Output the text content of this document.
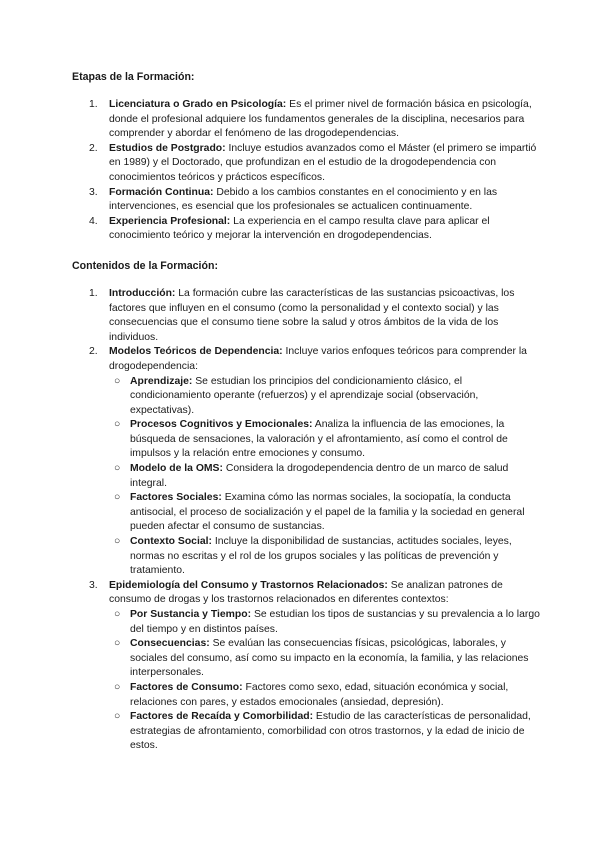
Etapas de la Formación:
1. Licenciatura o Grado en Psicología: Es el primer nivel de formación básica en psicología, donde el profesional adquiere los fundamentos generales de la disciplina, necesarios para comprender y abordar el fenómeno de las drogodependencias.
2. Estudios de Postgrado: Incluye estudios avanzados como el Máster (el primero se impartió en 1989) y el Doctorado, que profundizan en el estudio de la drogodependencia con conocimientos teóricos y prácticos específicos.
3. Formación Continua: Debido a los cambios constantes en el conocimiento y en las intervenciones, es esencial que los profesionales se actualicen continuamente.
4. Experiencia Profesional: La experiencia en el campo resulta clave para aplicar el conocimiento teórico y mejorar la intervención en drogodependencias.
Contenidos de la Formación:
1. Introducción: La formación cubre las características de las sustancias psicoactivas, los factores que influyen en el consumo (como la personalidad y el contexto social) y las consecuencias que el consumo tiene sobre la salud y otros ámbitos de la vida de los individuos.
2. Modelos Teóricos de Dependencia: Incluye varios enfoques teóricos para comprender la drogodependencia:
○ Aprendizaje: Se estudian los principios del condicionamiento clásico, el condicionamiento operante (refuerzos) y el aprendizaje social (observación, expectativas).
○ Procesos Cognitivos y Emocionales: Analiza la influencia de las emociones, la búsqueda de sensaciones, la valoración y el afrontamiento, así como el control de impulsos y la relación entre emociones y consumo.
○ Modelo de la OMS: Considera la drogodependencia dentro de un marco de salud integral.
○ Factores Sociales: Examina cómo las normas sociales, la sociopatía, la conducta antisocial, el proceso de socialización y el papel de la familia y la sociedad en general pueden afectar el consumo de sustancias.
○ Contexto Social: Incluye la disponibilidad de sustancias, actitudes sociales, leyes, normas no escritas y el rol de los grupos sociales y las políticas de prevención y tratamiento.
3. Epidemiología del Consumo y Trastornos Relacionados: Se analizan patrones de consumo de drogas y los trastornos relacionados en diferentes contextos:
○ Por Sustancia y Tiempo: Se estudian los tipos de sustancias y su prevalencia a lo largo del tiempo y en distintos países.
○ Consecuencias: Se evalúan las consecuencias físicas, psicológicas, laborales, y sociales del consumo, así como su impacto en la economía, la familia, y las relaciones interpersonales.
○ Factores de Consumo: Factores como sexo, edad, situación económica y social, relaciones con pares, y estados emocionales (ansiedad, depresión).
○ Factores de Recaída y Comorbilidad: Estudio de las características de personalidad, estrategias de afrontamiento, comorbilidad con otros trastornos, y la edad de inicio de estos.
